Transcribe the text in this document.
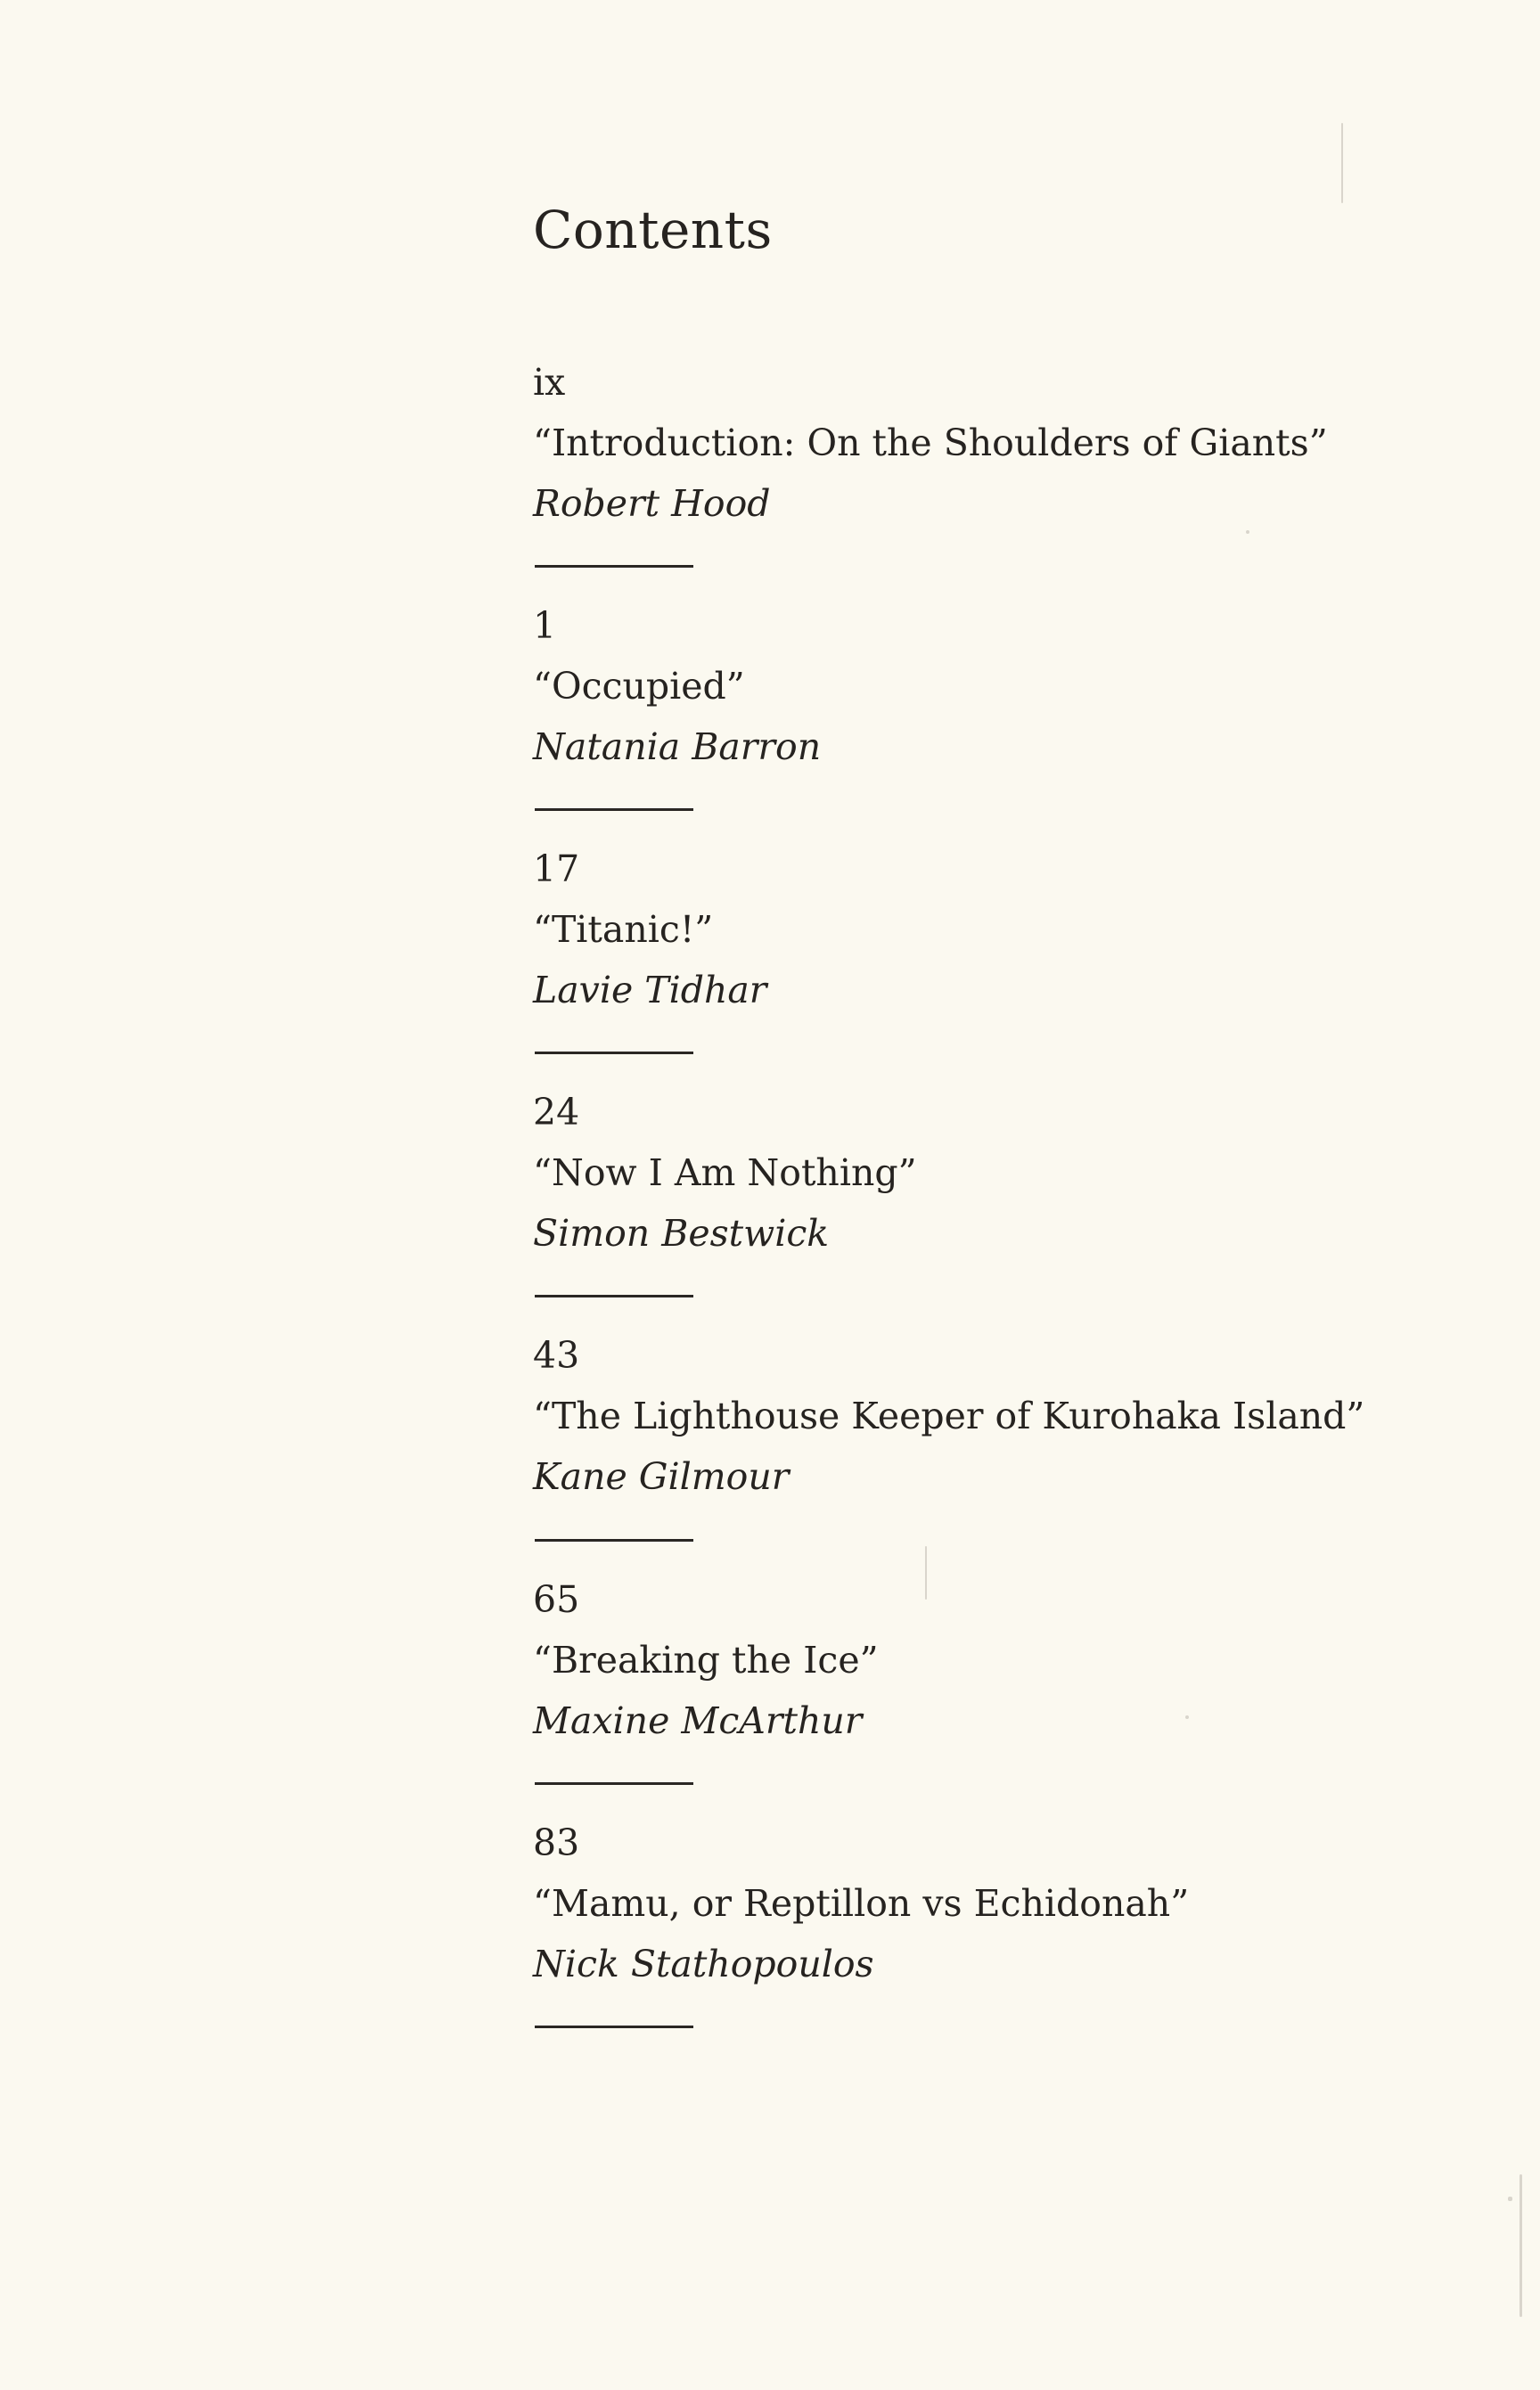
Contents
ix
“Introduction: On the Shoulders of Giants”
Robert Hood
1
“Occupied”
Natania Barron
17
“Titanic!”
Lavie Tidhar
24
“Now I Am Nothing”
Simon Bestwick
43
“The Lighthouse Keeper of Kurohaka Island”
Kane Gilmour
65
“Breaking the Ice”
Maxine McArthur
83
“Mamu, or Reptillon vs Echidonah”
Nick Stathopoulos
